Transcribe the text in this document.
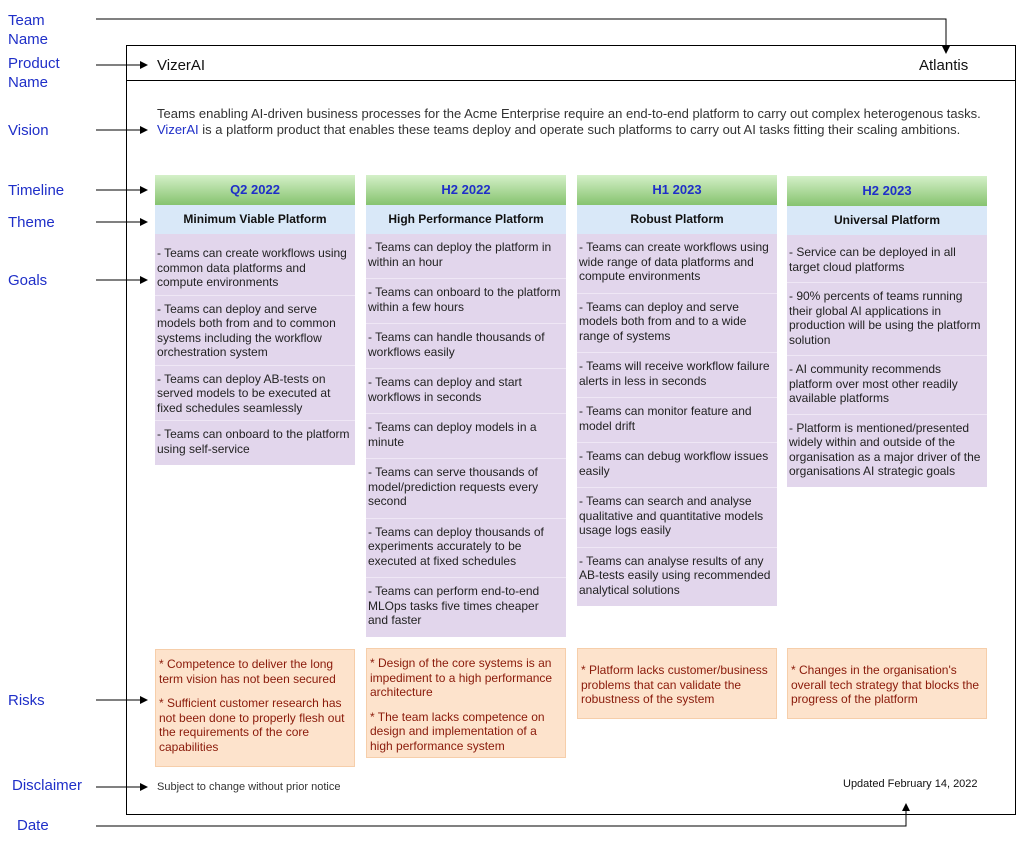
Team
Name
Product
Name
Vision
Timeline
Theme
Goals
Risks
Disclaimer
Date
VizerAI	Atlantis
Teams enabling AI-driven business processes for the Acme Enterprise require an end-to-end platform to carry out complex heterogenous tasks. VizerAI is a platform product that enables these teams deploy and operate such platforms to carry out AI tasks fitting their scaling ambitions.
Q2 2022
Minimum Viable Platform
- Teams can create workflows using common data platforms and compute environments
- Teams can deploy and serve models both from and to common systems including the workflow orchestration system
- Teams can deploy AB-tests on served models to be executed at fixed schedules seamlessly
- Teams can onboard to the platform using self-service
H2 2022
High Performance Platform
- Teams can deploy the platform in within an hour
- Teams can onboard to the platform within a few hours
- Teams can handle thousands of workflows easily
- Teams can deploy and start workflows in seconds
- Teams can deploy models in a minute
- Teams can serve thousands of model/prediction requests every second
- Teams can deploy thousands of experiments accurately to be executed at fixed schedules
- Teams can perform end-to-end MLOps tasks five times cheaper and faster
H1 2023
Robust Platform
- Teams can create workflows using wide range of data platforms and compute environments
- Teams can deploy and serve models both from and to a wide range of systems
- Teams will receive workflow failure alerts in less in seconds
- Teams can monitor feature and model drift
- Teams can debug workflow issues easily
- Teams can search and analyse qualitative and quantitative models usage logs easily
- Teams can analyse results of any AB-tests easily using recommended analytical solutions
H2 2023
Universal Platform
- Service can be deployed in all target cloud platforms
- 90% percents of teams running their global AI applications in production will be using the platform solution
- AI community recommends platform over most other readily available platforms
- Platform is mentioned/presented widely within and outside of the organisation as a major driver of the organisations AI strategic goals

* Competence to deliver the long term vision has not been secured

* Sufficient customer research has not been done to properly flesh out the requirements of the core capabilities

* Design of the core systems is an impediment to a high performance architecture

* The team lacks competence on design and implementation of a high performance system

* Platform lacks customer/business problems that can validate the robustness of the system

* Changes in the organisation's overall tech strategy that blocks the progress of the platform

Subject to change without prior notice	Updated February 14, 2022
